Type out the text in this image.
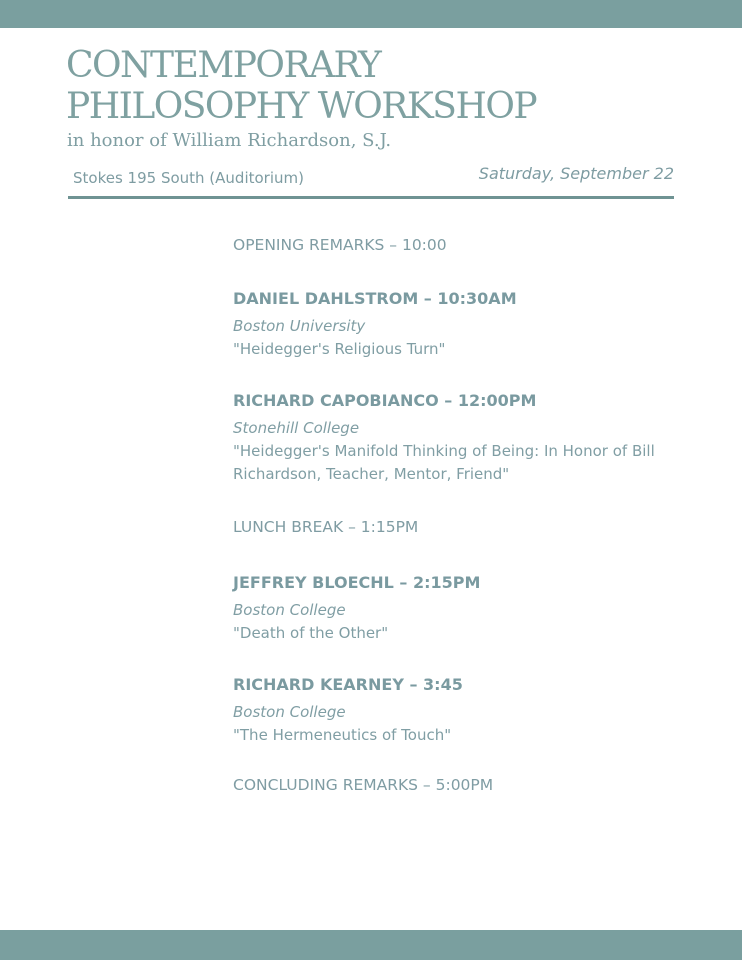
CONTEMPORARY
PHILOSOPHY WORKSHOP
in honor of William Richardson, S.J.
Stokes 195 South (Auditorium)	Saturday, September 22
OPENING REMARKS – 10:00
DANIEL DAHLSTROM – 10:30AM
Boston University
"Heidegger's Religious Turn"
RICHARD CAPOBIANCO – 12:00PM
Stonehill College
"Heidegger's Manifold Thinking of Being: In Honor of Bill Richardson, Teacher, Mentor, Friend"
LUNCH BREAK – 1:15PM
JEFFREY BLOECHL – 2:15PM
Boston College
"Death of the Other"
RICHARD KEARNEY – 3:45
Boston College
"The Hermeneutics of Touch"
CONCLUDING REMARKS – 5:00PM
